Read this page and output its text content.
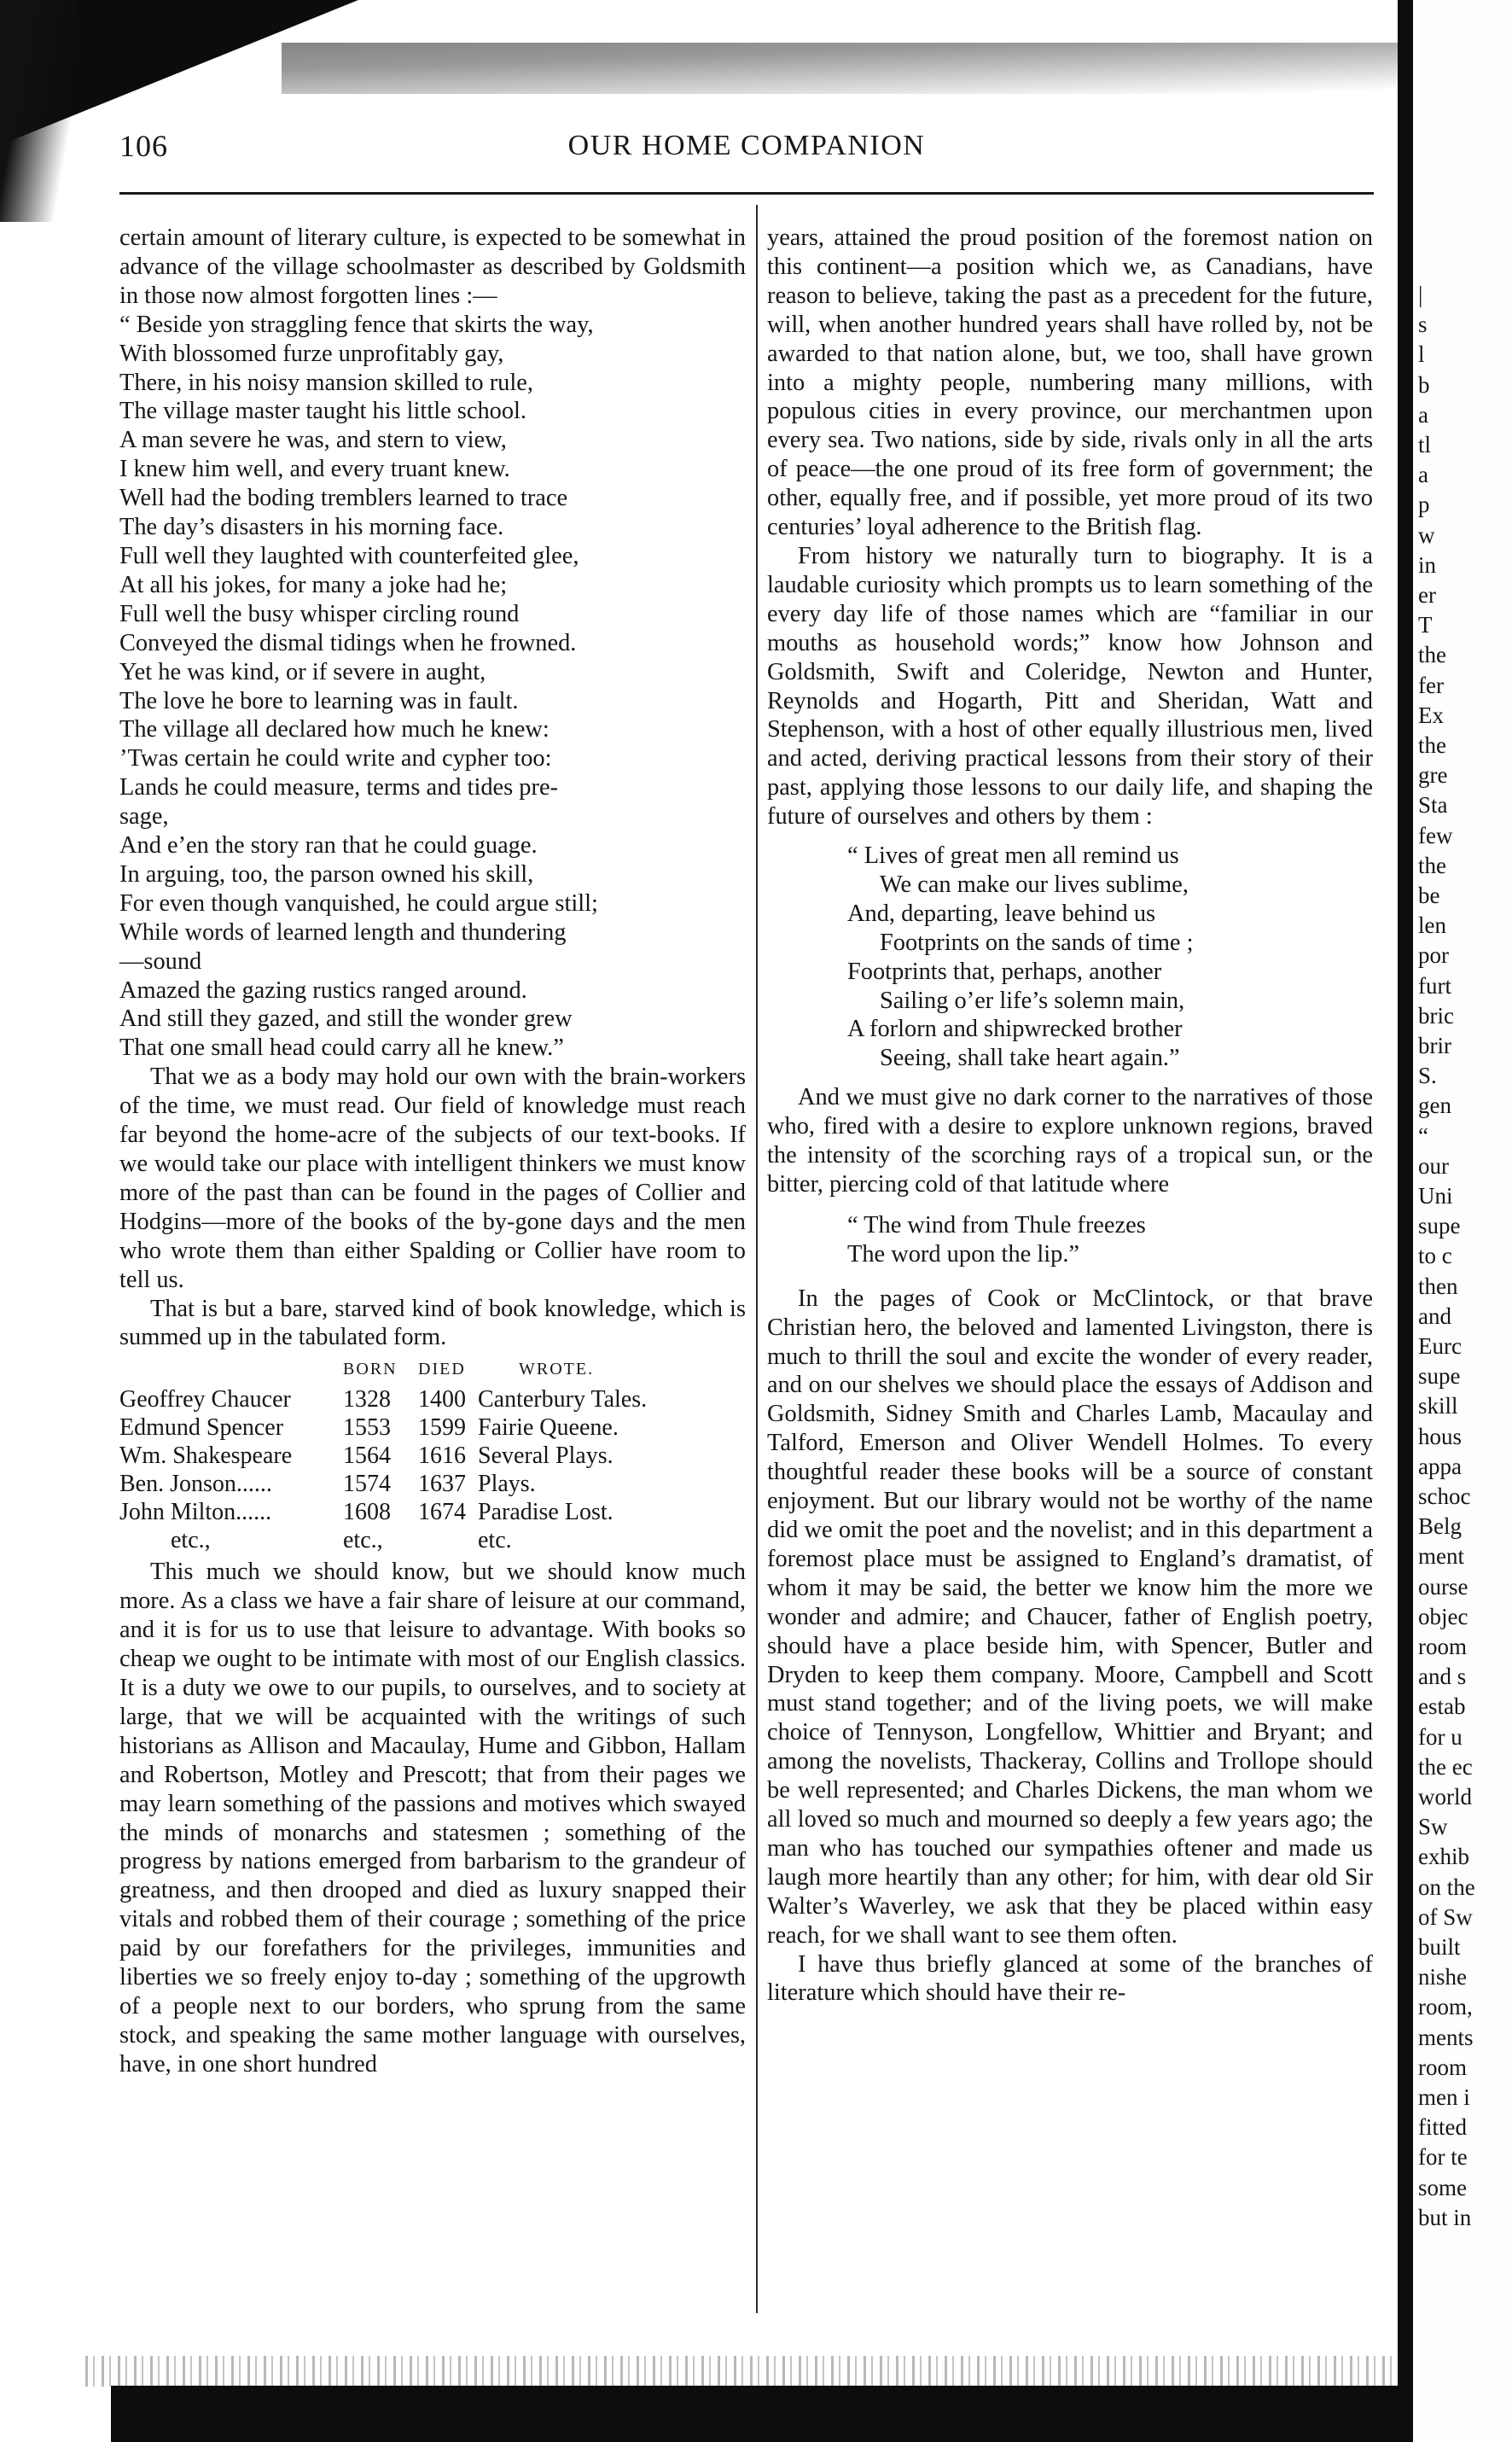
106	OUR HOME COMPANION

certain amount of literary culture, is expected to be somewhat in advance of the village schoolmaster as described by Goldsmith in those now almost forgotten lines :—

“ Beside yon straggling fence that skirts the way,
With blossomed furze unprofitably gay,
There, in his noisy mansion skilled to rule,
The village master taught his little school.
A man severe he was, and stern to view,
I knew him well, and every truant knew.
Well had the boding tremblers learned to trace
The day’s disasters in his morning face.
Full well they laughted with counterfeited glee,
At all his jokes, for many a joke had he;
Full well the busy whisper circling round
Conveyed the dismal tidings when he frowned.
Yet he was kind, or if severe in aught,
The love he bore to learning was in fault.
The village all declared how much he knew:
’Twas certain he could write and cypher too:
Lands he could measure, terms and tides pre-
sage,
And e’en the story ran that he could guage.
In arguing, too, the parson owned his skill,
For even though vanquished, he could argue still;
While words of learned length and thundering
—sound
Amazed the gazing rustics ranged around.
And still they gazed, and still the wonder grew
That one small head could carry all he knew.”

That we as a body may hold our own with the brain-workers of the time, we must read. Our field of knowledge must reach far beyond the home-acre of the subjects of our text-books. If we would take our place with intelligent thinkers we must know more of the past than can be found in the pages of Collier and Hodgins—more of the books of the by-gone days and the men who wrote them than either Spalding or Collier have room to tell us.

That is but a bare, starved kind of book knowledge, which is summed up in the tabulated form.

	BORN	DIED	WROTE.
Geoffrey Chaucer	1328	1400	Canterbury Tales.
Edmund Spencer	1553	1599	Fairie Queene.
Wm. Shakespeare	1564	1616	Several Plays.
Ben. Jonson......	1574	1637	Plays.
John Milton......	1608	1674	Paradise Lost.
etc.,	etc.,		etc.

This much we should know, but we should know much more. As a class we have a fair share of leisure at our command, and it is for us to use that leisure to advantage. With books so cheap we ought to be intimate with most of our English classics. It is a duty we owe to our pupils, to ourselves, and to society at large, that we will be acquainted with the writings of such historians as Allison and Macaulay, Hume and Gibbon, Hallam and Robertson, Motley and Prescott; that from their pages we may learn something of the passions and motives which swayed the minds of monarchs and statesmen ; something of the progress by nations emerged from barbarism to the grandeur of greatness, and then drooped and died as luxury snapped their vitals and robbed them of their courage ; something of the price paid by our forefathers for the privileges, immunities and liberties we so freely enjoy to-day ; something of the upgrowth of a people next to our borders, who sprung from the same stock, and speaking the same mother language with ourselves, have, in one short hundred

years, attained the proud position of the foremost nation on this continent—a position which we, as Canadians, have reason to believe, taking the past as a precedent for the future, will, when another hundred years shall have rolled by, not be awarded to that nation alone, but, we too, shall have grown into a mighty people, numbering many millions, with populous cities in every province, our merchantmen upon every sea. Two nations, side by side, rivals only in all the arts of peace—the one proud of its free form of government; the other, equally free, and if possible, yet more proud of its two centuries’ loyal adherence to the British flag.

From history we naturally turn to biography. It is a laudable curiosity which prompts us to learn something of the every day life of those names which are “familiar in our mouths as household words;” know how Johnson and Goldsmith, Swift and Coleridge, Newton and Hunter, Reynolds and Hogarth, Pitt and Sheridan, Watt and Stephenson, with a host of other equally illustrious men, lived and acted, deriving practical lessons from their story of their past, applying those lessons to our daily life, and shaping the future of ourselves and others by them :

“ Lives of great men all remind us
We can make our lives sublime,
And, departing, leave behind us
Footprints on the sands of time ;
Footprints that, perhaps, another
Sailing o’er life’s solemn main,
A forlorn and shipwrecked brother
Seeing, shall take heart again.”

And we must give no dark corner to the narratives of those who, fired with a desire to explore unknown regions, braved the intensity of the scorching rays of a tropical sun, or the bitter, piercing cold of that latitude where

“ The wind from Thule freezes
The word upon the lip.”

In the pages of Cook or McClintock, or that brave Christian hero, the beloved and lamented Livingston, there is much to thrill the soul and excite the wonder of every reader, and on our shelves we should place the essays of Addison and Goldsmith, Sidney Smith and Charles Lamb, Macaulay and Talford, Emerson and Oliver Wendell Holmes. To every thoughtful reader these books will be a source of constant enjoyment. But our library would not be worthy of the name did we omit the poet and the novelist; and in this department a foremost place must be assigned to England’s dramatist, of whom it may be said, the better we know him the more we wonder and admire; and Chaucer, father of English poetry, should have a place beside him, with Spencer, Butler and Dryden to keep them company. Moore, Campbell and Scott must stand together; and of the living poets, we will make choice of Tennyson, Longfellow, Whittier and Bryant; and among the novelists, Thackeray, Collins and Trollope should be well represented; and Charles Dickens, the man whom we all loved so much and mourned so deeply a few years ago; the man who has touched our sympathies oftener and made us laugh more heartily than any other; for him, with dear old Sir Walter’s Waverley, we ask that they be placed within easy reach, for we shall want to see them often.

I have thus briefly glanced at some of the branches of literature which should have their re-

|
s
l
b
a
tl
a
p
w
in
er
T
the
fer
Ex
the
gre
Sta
few
the
be
len
por
furt
bric
brir
S.
gen
“
our
Uni
supe
to c
then
and
Eurc
supe
skill
hous
appa
schoc
Belg
ment
ourse
objec
room
and s
estab
for u
the ec
world
Sw
exhib
on the
of Sw
built
nishe
room,
ments
room
men i
fitted
for te
some
but in
